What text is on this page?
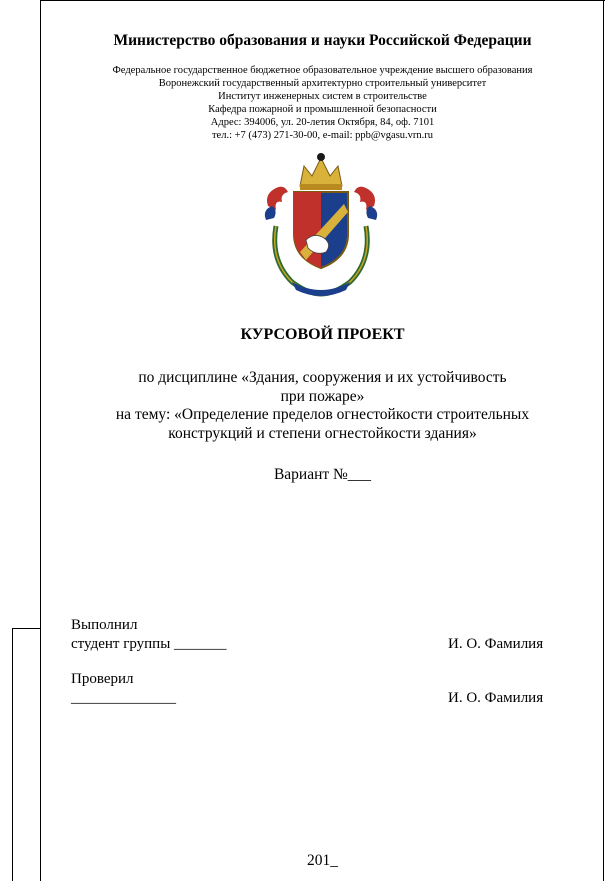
Министерство образования и науки Российской Федерации
Федеральное государственное бюджетное образовательное учреждение высшего образования
Воронежский государственный архитектурно строительный университет
Институт инженерных систем в строительстве
Кафедра пожарной и промышленной безопасности
Адрес: 394006, ул. 20-летия Октября, 84, оф. 7101
тел.: +7 (473) 271-30-00, e-mail: ppb@vgasu.vrn.ru
КУРСОВОЙ ПРОЕКТ
по дисциплине «Здания, сооружения и их устойчивость
при пожаре»
на тему: «Определение пределов огнестойкости строительных
конструкций и степени огнестойкости здания»
Вариант №___
Выполнил
студент группы _______	И. О. Фамилия
Проверил
______________	И. О. Фамилия
201_
